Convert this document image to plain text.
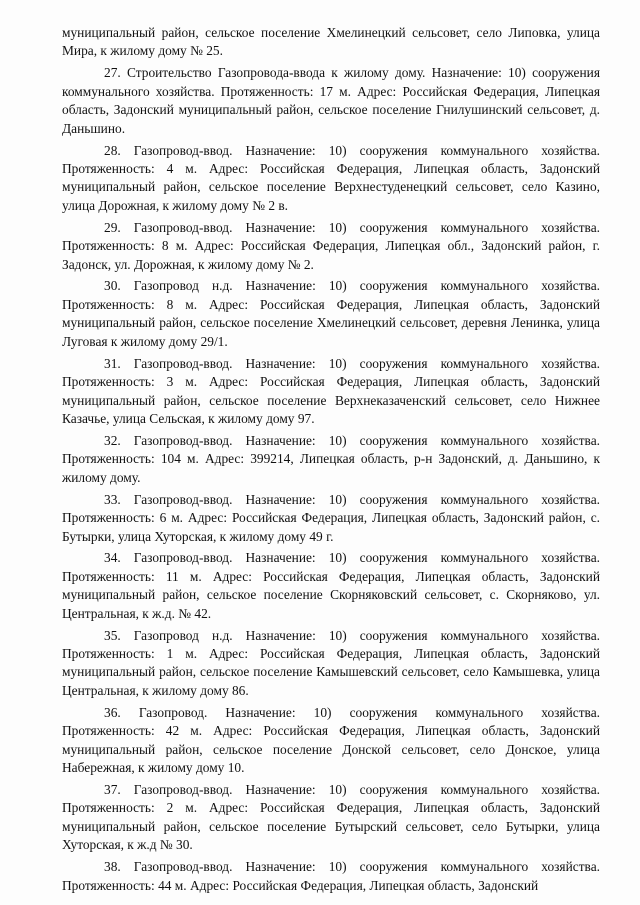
муниципальный район, сельское поселение Хмелинецкий сельсовет, село Липовка, улица Мира, к жилому дому № 25.

27. Строительство Газопровода-ввода к жилому дому. Назначение: 10) сооружения коммунального хозяйства. Протяженность: 17 м. Адрес: Российская Федерация, Липецкая область, Задонский муниципальный район, сельское поселение Гнилушинский сельсовет, д. Даньшино.

28. Газопровод-ввод. Назначение: 10) сооружения коммунального хозяйства. Протяженность: 4 м. Адрес: Российская Федерация, Липецкая область, Задонский муниципальный район, сельское поселение Верхнестуденецкий сельсовет, село Казино, улица Дорожная, к жилому дому № 2 в.

29. Газопровод-ввод. Назначение: 10) сооружения коммунального хозяйства. Протяженность: 8 м. Адрес: Российская Федерация, Липецкая обл., Задонский район, г. Задонск, ул. Дорожная, к жилому дому № 2.

30. Газопровод н.д. Назначение: 10) сооружения коммунального хозяйства. Протяженность: 8 м. Адрес: Российская Федерация, Липецкая область, Задонский муниципальный район, сельское поселение Хмелинецкий сельсовет, деревня Ленинка, улица Луговая к жилому дому 29/1.

31. Газопровод-ввод. Назначение: 10) сооружения коммунального хозяйства. Протяженность: 3 м. Адрес: Российская Федерация, Липецкая область, Задонский муниципальный район, сельское поселение Верхнеказаченский сельсовет, село Нижнее Казачье, улица Сельская, к жилому дому 97.

32. Газопровод-ввод. Назначение: 10) сооружения коммунального хозяйства. Протяженность: 104 м. Адрес: 399214, Липецкая область, р-н Задонский, д. Даньшино, к жилому дому.

33. Газопровод-ввод. Назначение: 10) сооружения коммунального хозяйства. Протяженность: 6 м. Адрес: Российская Федерация, Липецкая область, Задонский район, с. Бутырки, улица Хуторская, к жилому дому 49 г.

34. Газопровод-ввод. Назначение: 10) сооружения коммунального хозяйства. Протяженность: 11 м. Адрес: Российская Федерация, Липецкая область, Задонский муниципальный район, сельское поселение Скорняковский сельсовет, с. Скорняково, ул. Центральная, к ж.д. № 42.

35. Газопровод н.д. Назначение: 10) сооружения коммунального хозяйства. Протяженность: 1 м. Адрес: Российская Федерация, Липецкая область, Задонский муниципальный район, сельское поселение Камышевский сельсовет, село Камышевка, улица Центральная, к жилому дому 86.

36. Газопровод. Назначение: 10) сооружения коммунального хозяйства. Протяженность: 42 м. Адрес: Российская Федерация, Липецкая область, Задонский муниципальный район, сельское поселение Донской сельсовет, село Донское, улица Набережная, к жилому дому 10.

37. Газопровод-ввод. Назначение: 10) сооружения коммунального хозяйства. Протяженность: 2 м. Адрес: Российская Федерация, Липецкая область, Задонский муниципальный район, сельское поселение Бутырский сельсовет, село Бутырки, улица Хуторская, к ж.д № 30.

38. Газопровод-ввод. Назначение: 10) сооружения коммунального хозяйства. Протяженность: 44 м. Адрес: Российская Федерация, Липецкая область, Задонский
